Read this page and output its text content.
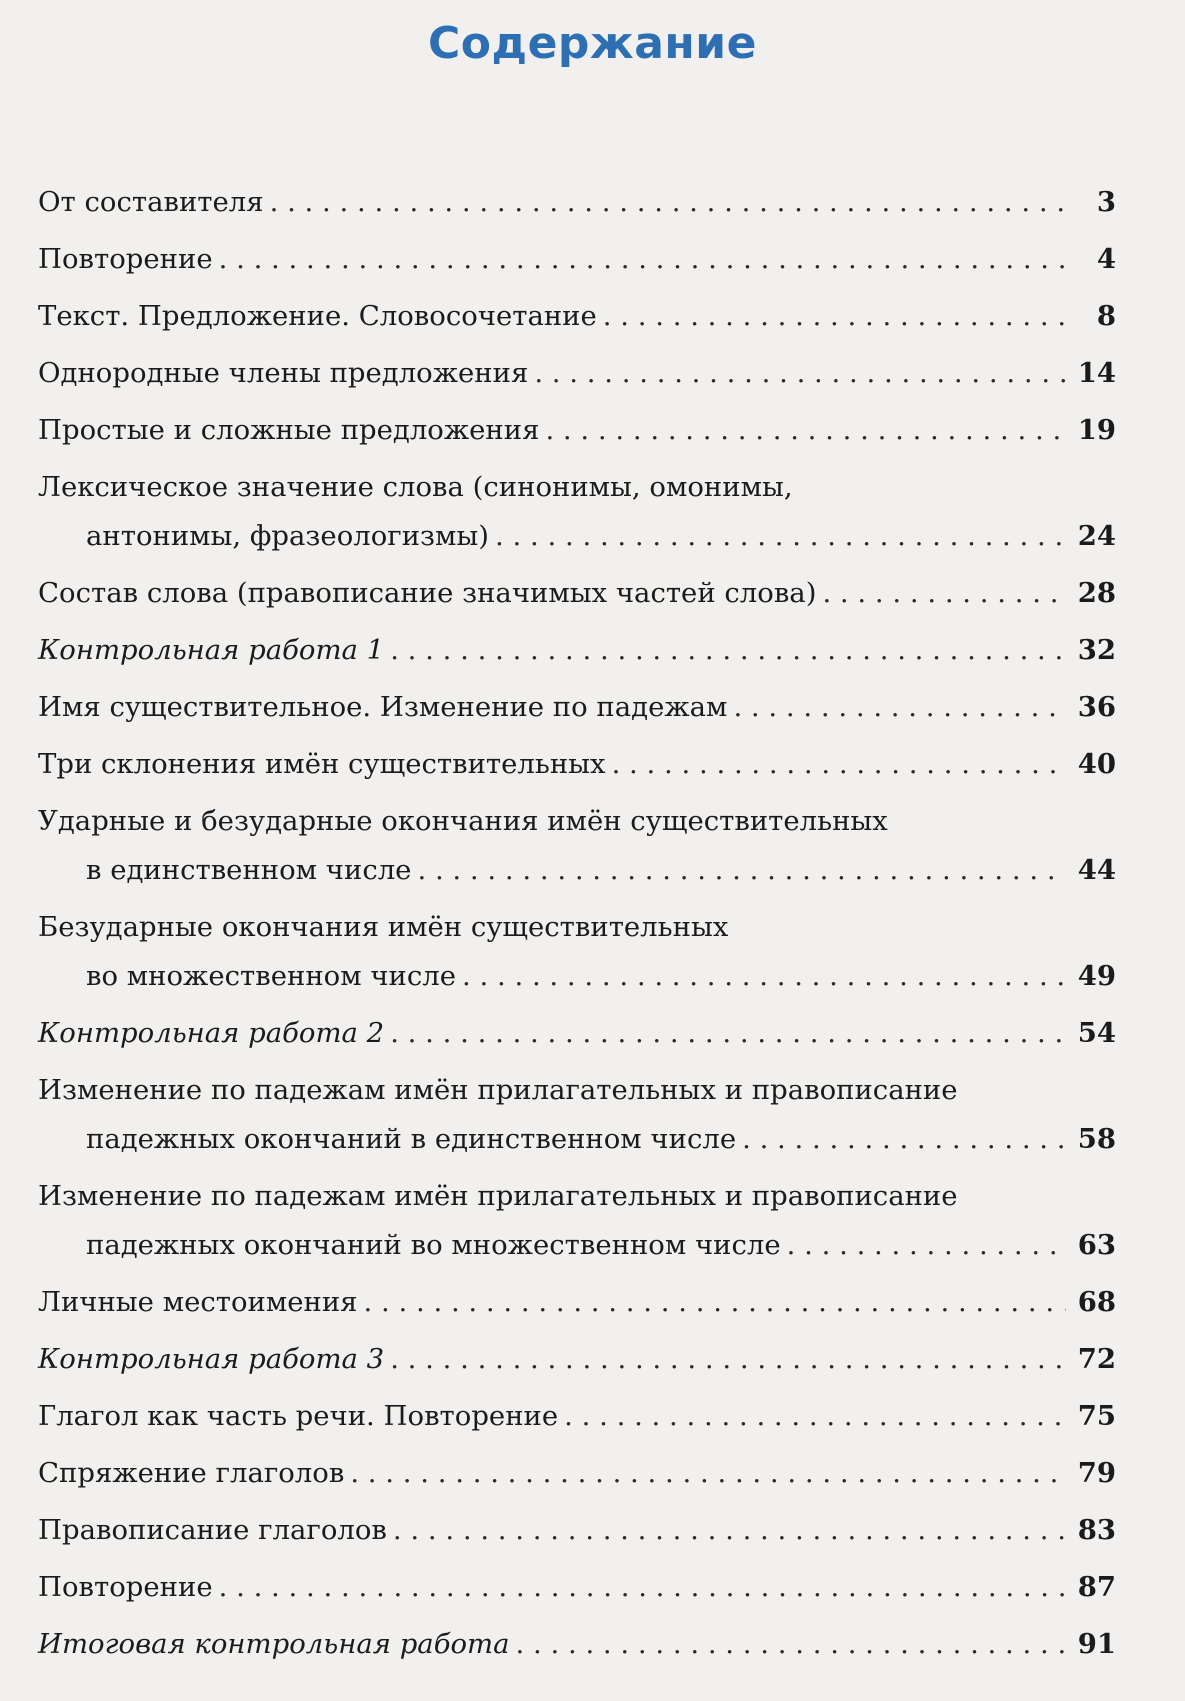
Содержание
От составителя . . .	3
Повторение . . .	4
Текст. Предложение. Словосочетание . . .	8
Однородные члены предложения . . .	14
Простые и сложные предложения . . .	19
Лексическое значение слова (синонимы, омонимы,
антонимы, фразеологизмы) . . .	24
Состав слова (правописание значимых частей слова) . . .	28
Контрольная работа 1 . . .	32
Имя существительное. Изменение по падежам . . .	36
Три склонения имён существительных . . .	40
Ударные и безударные окончания имён существительных
в единственном числе . . .	44
Безударные окончания имён существительных
во множественном числе . . .	49
Контрольная работа 2 . . .	54
Изменение по падежам имён прилагательных и правописание
падежных окончаний в единственном числе . . .	58
Изменение по падежам имён прилагательных и правописание
падежных окончаний во множественном числе . . .	63
Личные местоимения . . .	68
Контрольная работа 3 . . .	72
Глагол как часть речи. Повторение . . .	75
Спряжение глаголов . . .	79
Правописание глаголов . . .	83
Повторение . . .	87
Итоговая контрольная работа . . .	91
